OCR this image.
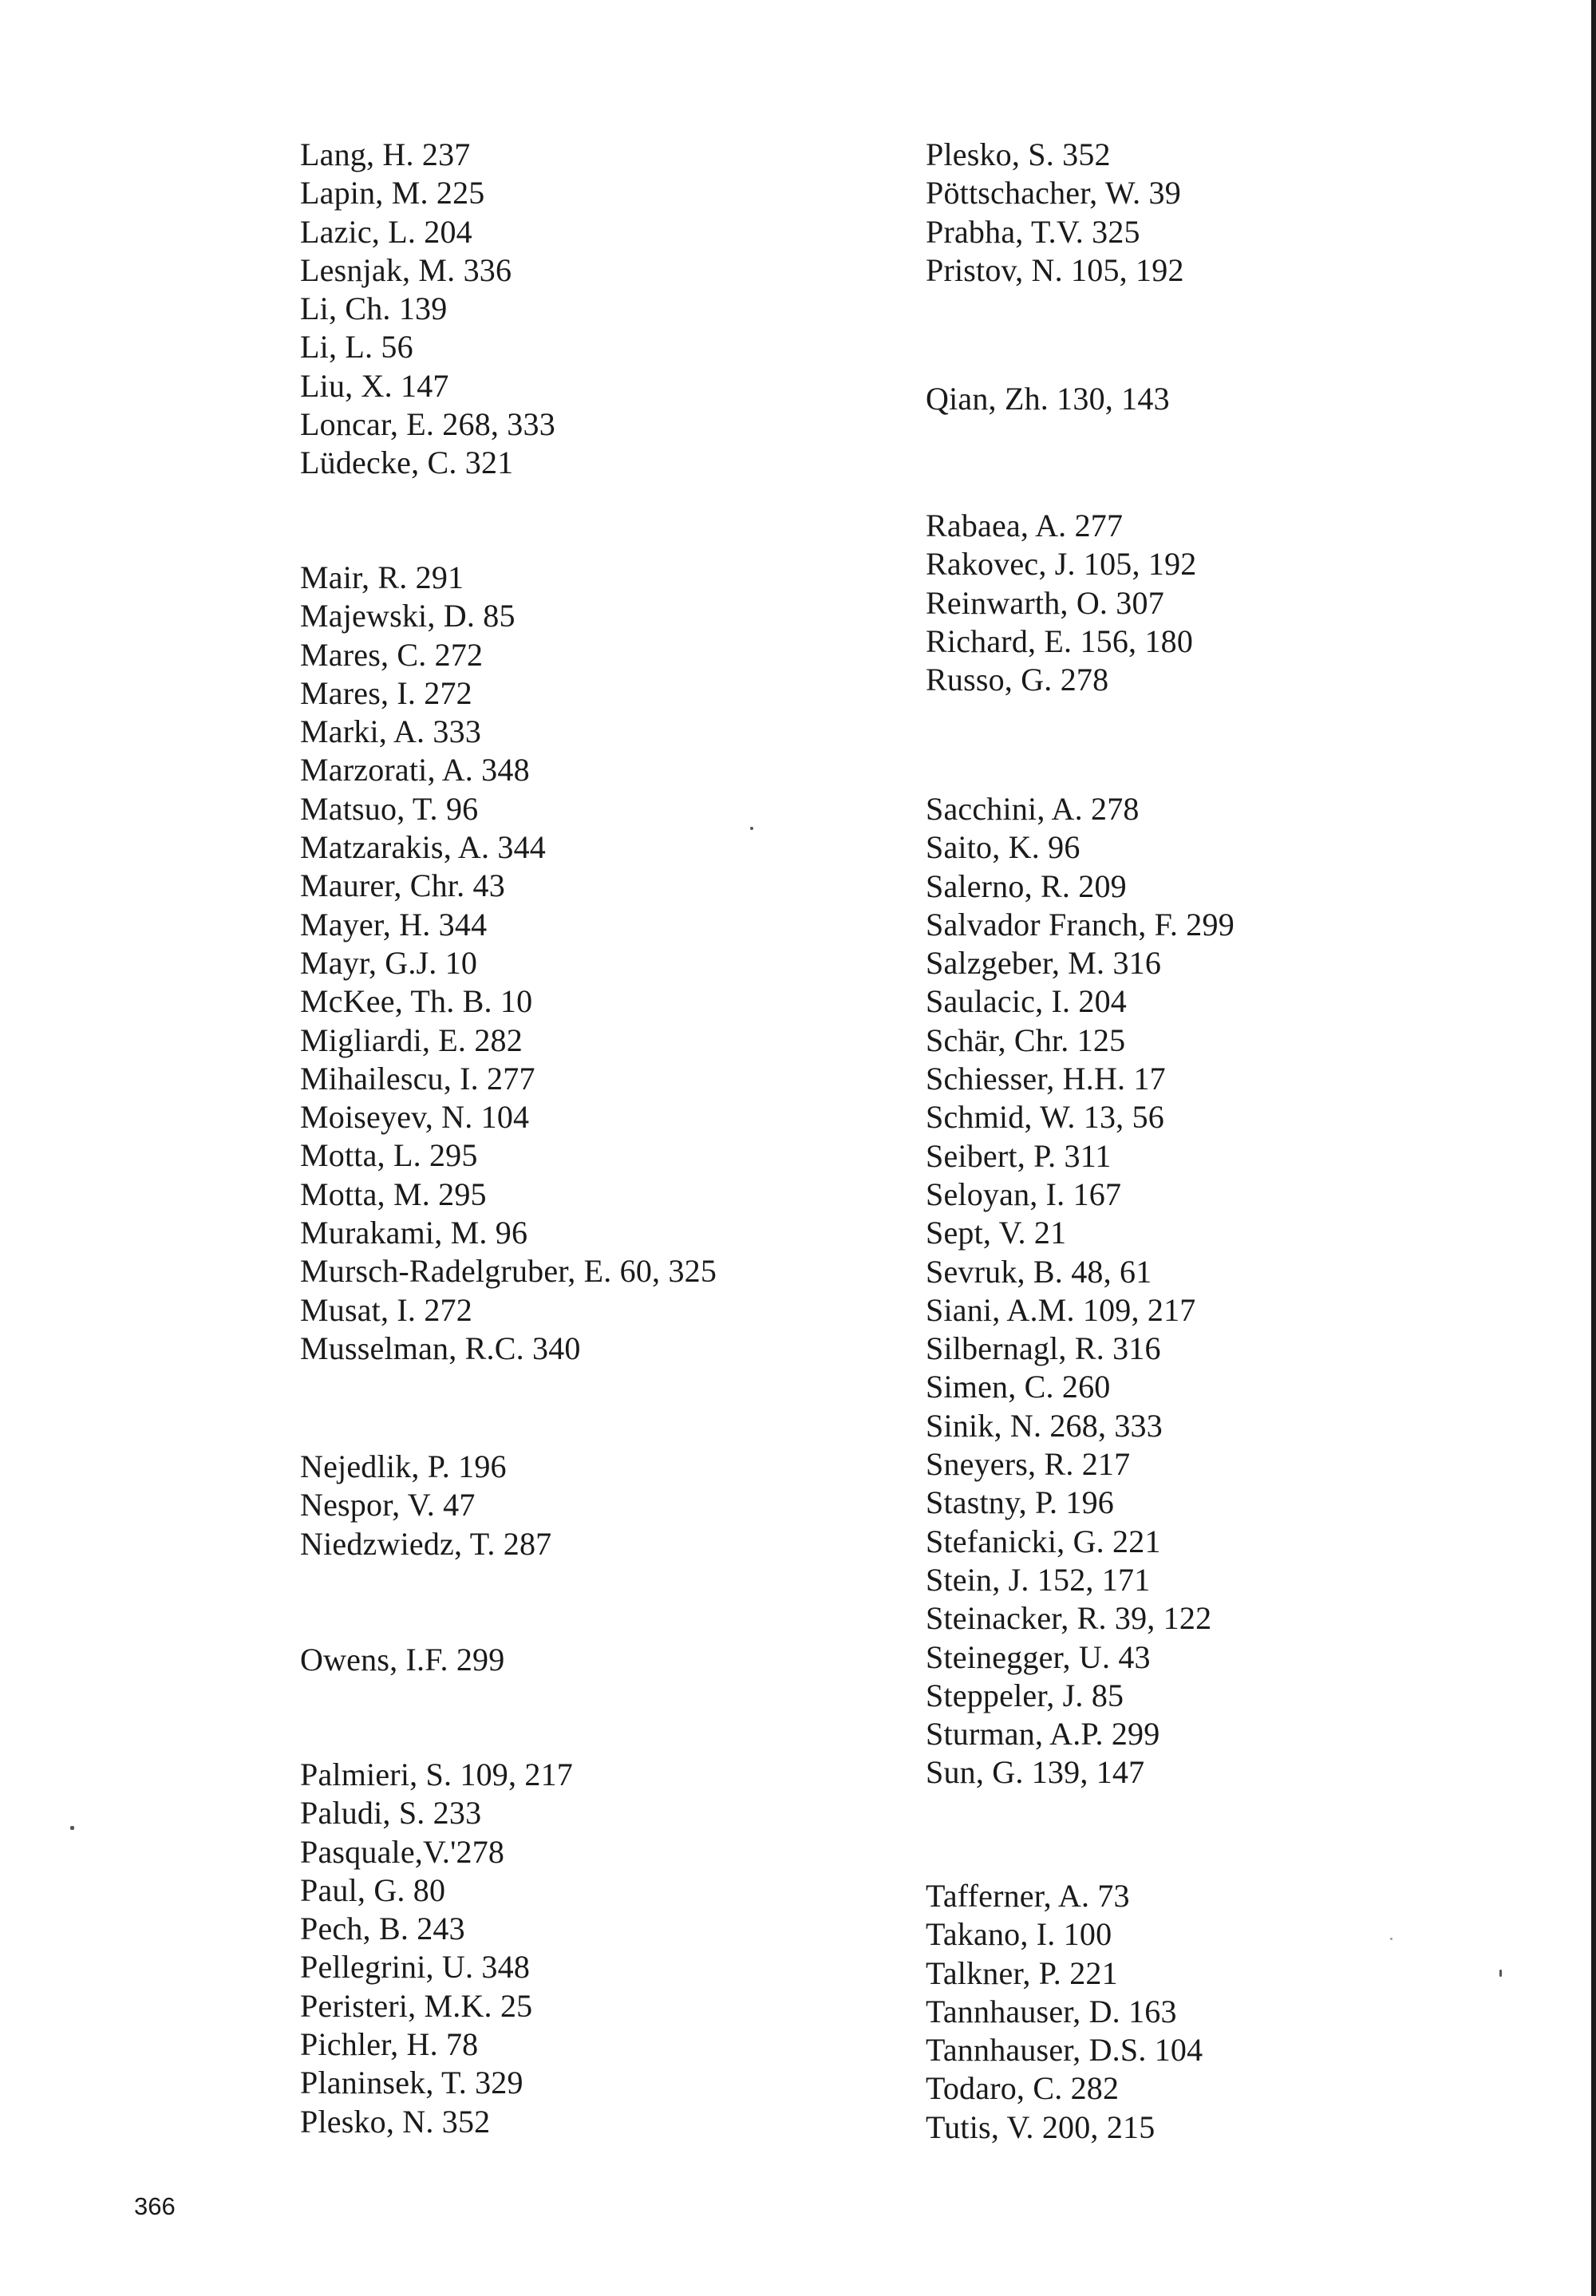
Lang, H. 237
Lapin, M. 225
Lazic, L. 204
Lesnjak, M. 336
Li, Ch. 139
Li, L. 56
Liu, X. 147
Loncar, E. 268, 333
Lüdecke, C. 321
Mair, R. 291
Majewski, D. 85
Mares, C. 272
Mares, I. 272
Marki, A. 333
Marzorati, A. 348
Matsuo, T. 96
Matzarakis, A. 344
Maurer, Chr. 43
Mayer, H. 344
Mayr, G.J. 10
McKee, Th. B. 10
Migliardi, E. 282
Mihailescu, I. 277
Moiseyev, N. 104
Motta, L. 295
Motta, M. 295
Murakami, M. 96
Mursch-Radelgruber, E. 60, 325
Musat, I. 272
Musselman, R.C. 340
Nejedlik, P. 196
Nespor, V. 47
Niedzwiedz, T. 287
Owens, I.F. 299
Palmieri, S. 109, 217
Paludi, S. 233
Pasquale,V.'278
Paul, G. 80
Pech, B. 243
Pellegrini, U. 348
Peristeri, M.K. 25
Pichler, H. 78
Planinsek, T. 329
Plesko, N. 352
Plesko, S. 352
Pöttschacher, W. 39
Prabha, T.V. 325
Pristov, N. 105, 192
Qian, Zh. 130, 143
Rabaea, A. 277
Rakovec, J. 105, 192
Reinwarth, O. 307
Richard, E. 156, 180
Russo, G. 278
Sacchini, A. 278
Saito, K. 96
Salerno, R. 209
Salvador Franch, F. 299
Salzgeber, M. 316
Saulacic, I. 204
Schär, Chr. 125
Schiesser, H.H. 17
Schmid, W. 13, 56
Seibert, P. 311
Seloyan, I. 167
Sept, V. 21
Sevruk, B. 48, 61
Siani, A.M. 109, 217
Silbernagl, R. 316
Simen, C. 260
Sinik, N. 268, 333
Sneyers, R. 217
Stastny, P. 196
Stefanicki, G. 221
Stein, J. 152, 171
Steinacker, R. 39, 122
Steinegger, U. 43
Steppeler, J. 85
Sturman, A.P. 299
Sun, G. 139, 147
Tafferner, A. 73
Takano, I. 100
Talkner, P. 221
Tannhauser, D. 163
Tannhauser, D.S. 104
Todaro, C. 282
Tutis, V. 200, 215
366
